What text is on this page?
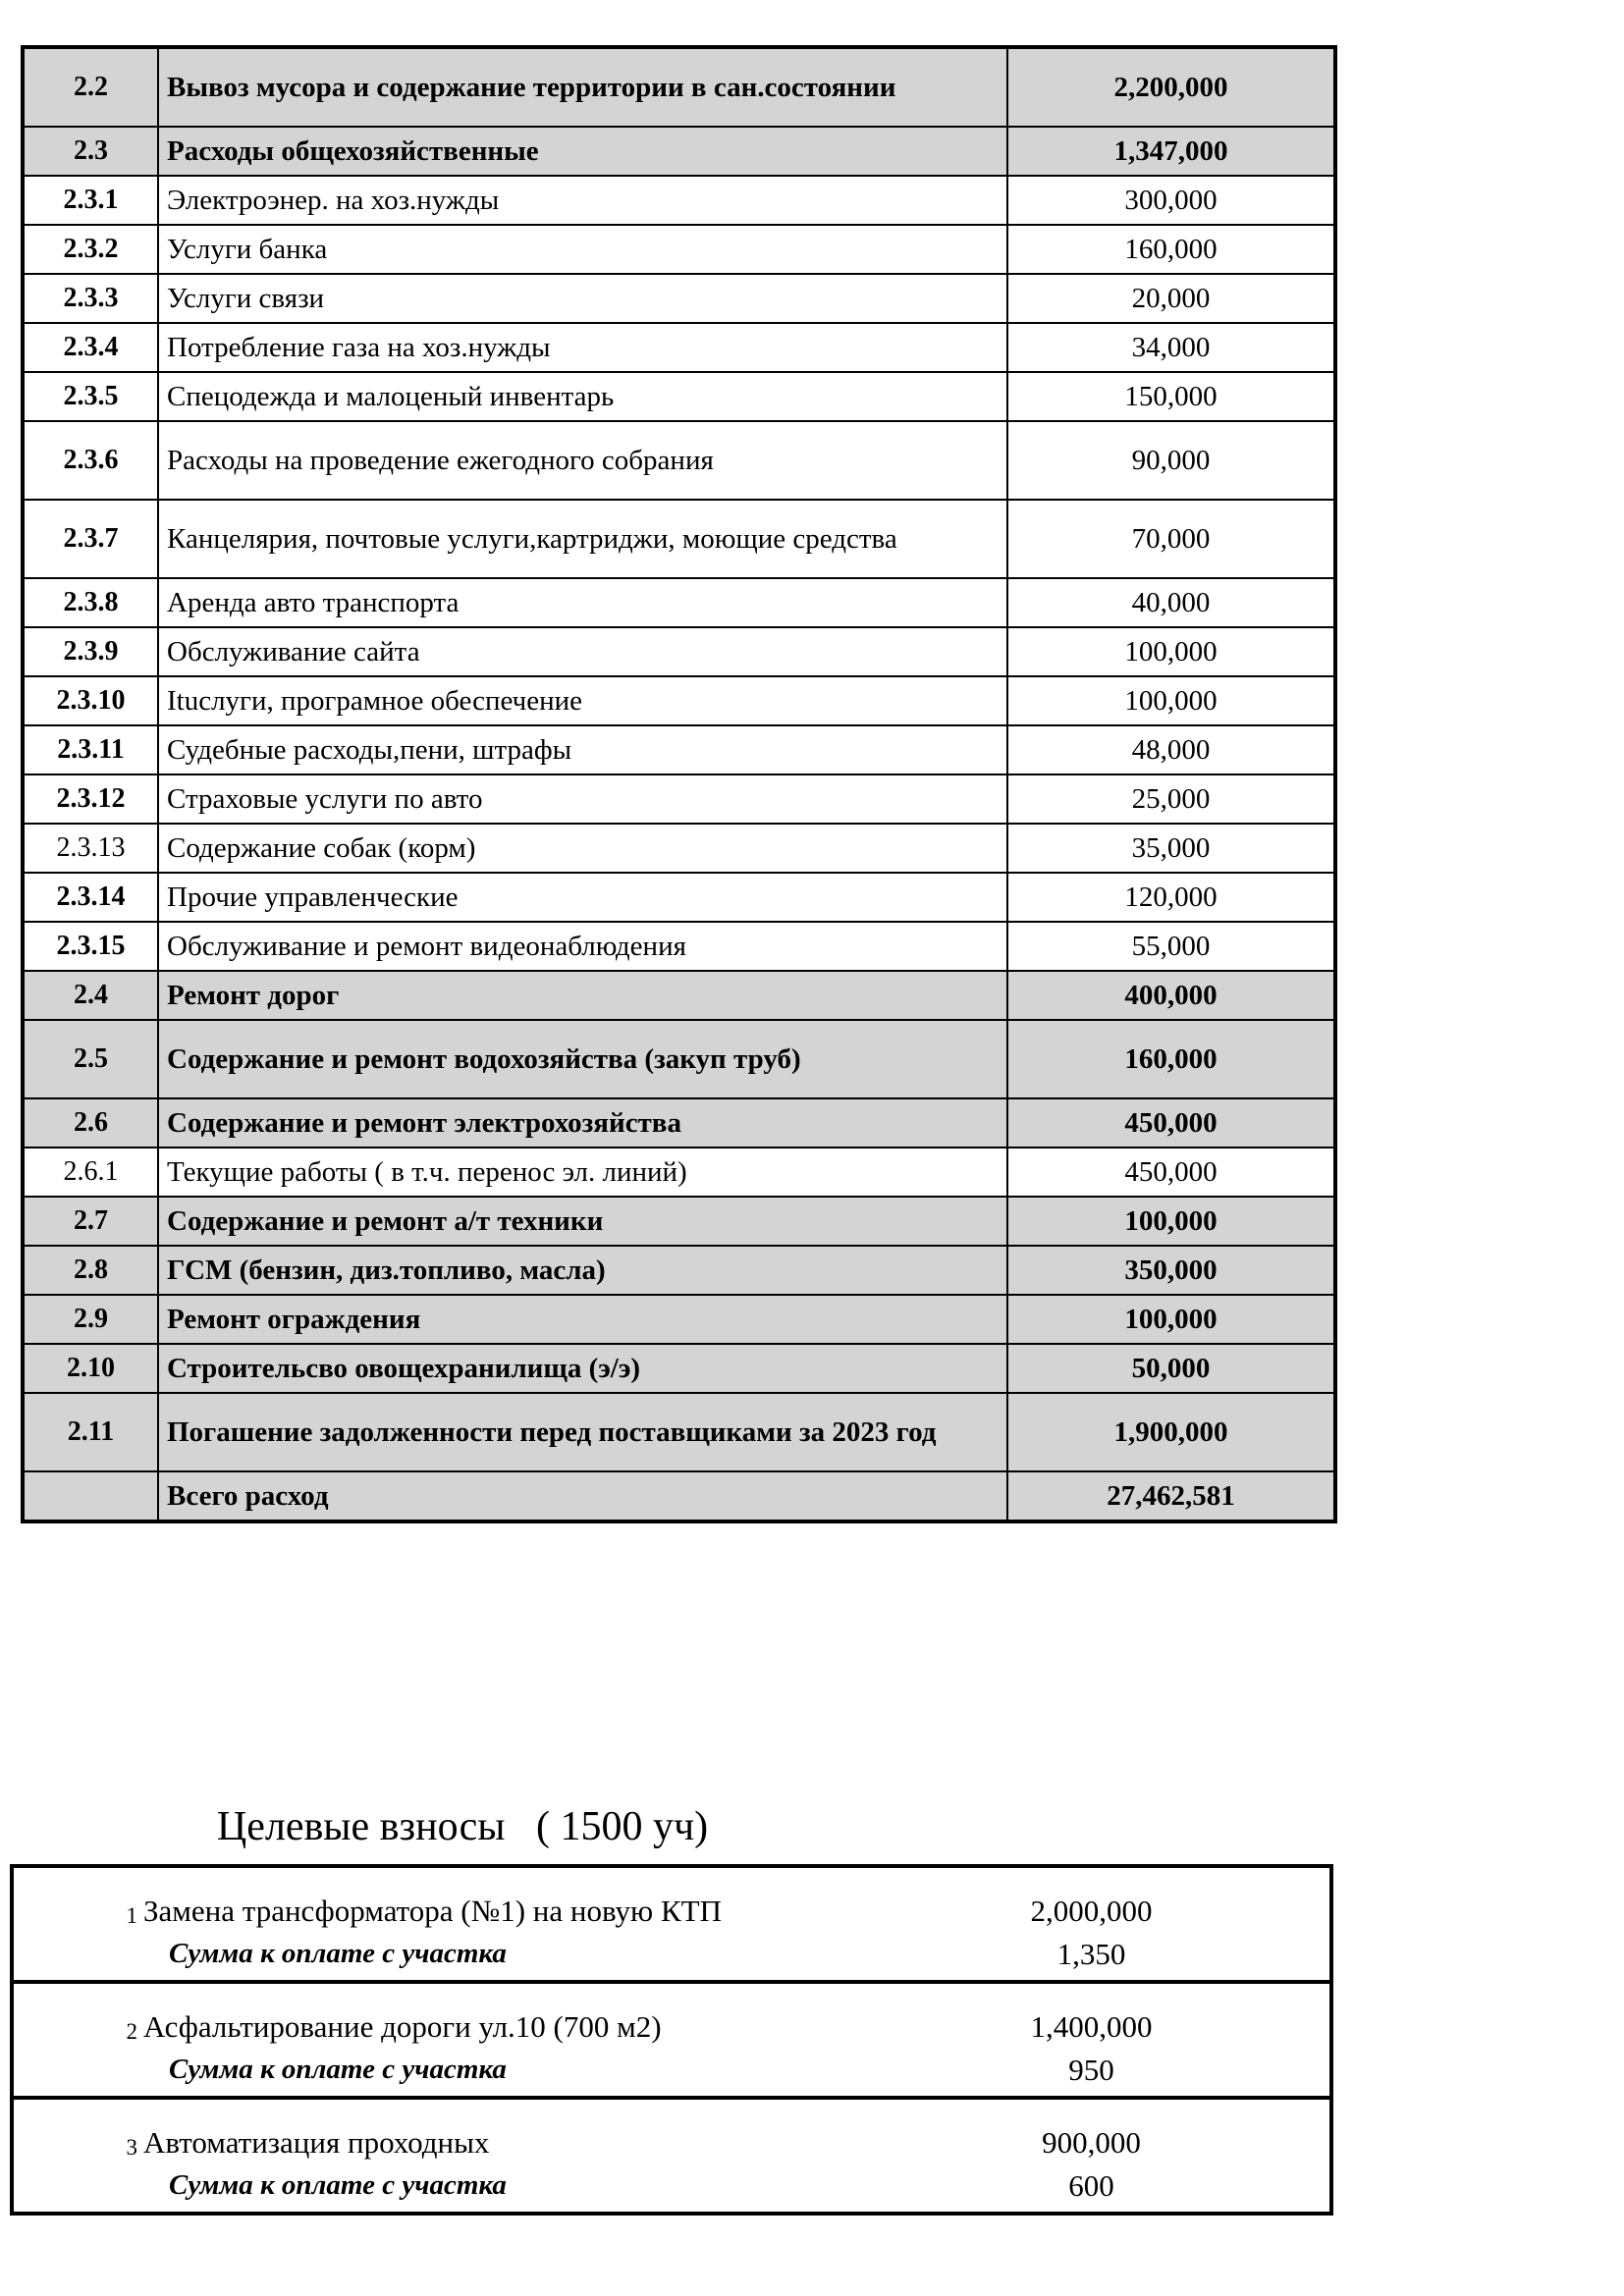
2.2	Вывоз мусора и содержание территории в сан.состоянии	2,200,000
2.3	Расходы общехозяйственные	1,347,000
2.3.1	Электроэнер. на хоз.нужды	300,000
2.3.2	Услуги банка	160,000
2.3.3	Услуги связи	20,000
2.3.4	Потребление газа на хоз.нужды	34,000
2.3.5	Спецодежда и малоценый инвентарь	150,000
2.3.6	Расходы на проведение ежегодного собрания	90,000
2.3.7	Канцелярия, почтовые услуги,картриджи, моющие средства	70,000
2.3.8	Аренда авто транспорта	40,000
2.3.9	Обслуживание сайта	100,000
2.3.10	Ituслуги, програмное обеспечение	100,000
2.3.11	Судебные расходы,пени, штрафы	48,000
2.3.12	Страховые услуги по авто	25,000
2.3.13	Содержание собак (корм)	35,000
2.3.14	Прочие управленческие	120,000
2.3.15	Обслуживание и ремонт видеонаблюдения	55,000
2.4	Ремонт дорог	400,000
2.5	Содержание и ремонт водохозяйства (закуп труб)	160,000
2.6	Содержание и ремонт электрохозяйства	450,000
2.6.1	Текущие работы ( в т.ч. перенос эл. линий)	450,000
2.7	Содержание и ремонт а/т техники	100,000
2.8	ГСМ (бензин, диз.топливо, масла)	350,000
2.9	Ремонт ограждения	100,000
2.10	Строительсво овощехранилища (э/э)	50,000
2.11	Погашение задолженности перед поставщиками за 2023 год	1,900,000
	Всего расход	27,462,581
Целевые взносы   ( 1500 уч)
1	Замена трансформатора (№1) на новую КТП	2,000,000
	Сумма к оплате с участка	1,350
2	Асфальтирование дороги ул.10 (700 м2)	1,400,000
	Сумма к оплате с участка	950
3	Автоматизация проходных	900,000
	Сумма к оплате с участка	600
